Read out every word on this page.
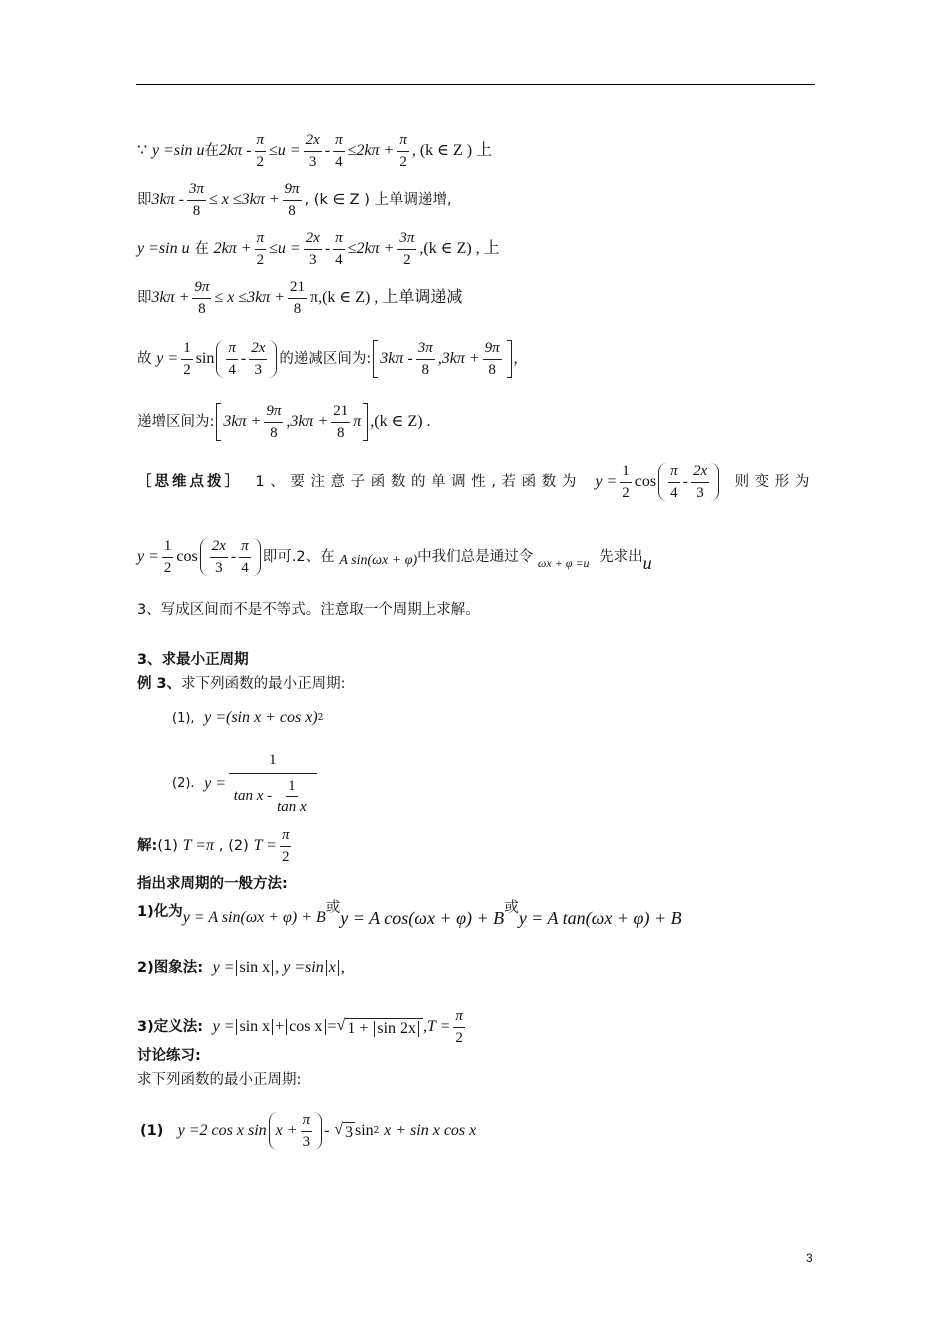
∵
y =sin u 在 $2k\pi - \frac{\pi}{2} \le u = \frac{2x}{3} - \frac{\pi}{4} \le 2k\pi + \frac{\pi}{2}$ , (k ∈ Z ) 上
即 $3k\pi - \frac{3\pi}{8} \le x \le 3k\pi + \frac{9\pi}{8}$ , (k ∈ Z ) 上单调递增,
y =sin u
在
$2k\pi + \frac{\pi}{2} \le u = \frac{2x}{3} - \frac{\pi}{4} \le 2k\pi + \frac{3\pi}{2} ,(k$ ∈ Z) , 上
即 $3k\pi + \frac{9\pi}{8} \le x \le 3k\pi + \frac{21}{8} \pi,(k$ ∈ Z) , 上单调递减
故
$y = \frac{1}{2}$ $\sin \frac{\pi}{4} - \frac{2x}{3}$ 的递减区间为: $3k\pi - \frac{3\pi}{8} ,3k\pi + \frac{9\pi}{8}$ ,
递增区间为: $3k\pi + \frac{9\pi}{8} ,3k\pi + \frac{21}{8}$ π ,(k ∈ Z) .
［思维点拨］ 1、要注意子函数的单调性,若函数为 $y = \frac{1}{2}$ $\cos \frac{\pi}{4} - \frac{2x}{3}$ 则变形为
$y = \frac{1}{2}$ $\cos \frac{2x}{3} - \frac{\pi}{4}$ 即可.2、在
A sin(ωx + φ) 中我们总是通过令
ωx + φ =u
先求出 u
3、写成区间而不是不等式。注意取一个周期上求解。
3、求最小正周期
例 3、 求下列函数的最小正周期:
(1),
y =(sin x + cos x) 2
(2).
$y = \frac{1}{\tan x - \frac{1}{\text{tan x}}}$
解: (1)
T =π
,
(2)
$T = \frac{\pi}{2}$
指出求周期的一般方法:
1)化为 y = A sin(ωx + φ) + B
或
y = A cos(ωx + φ) + B
或
y = A tan(ωx + φ) + B
2)图象法:
y = sin x , y =sin x ,
3)定义法:
y = sin x + cos x = √ 1 + sin 2x $,T = \frac{\pi}{2}$
讨论练习:
求下列函数的最小正周期:
(1)
y =2 cos x $\sin x + \frac{\pi}{3}$ -
√ 3 sin 2
x + sin x cos x
3
